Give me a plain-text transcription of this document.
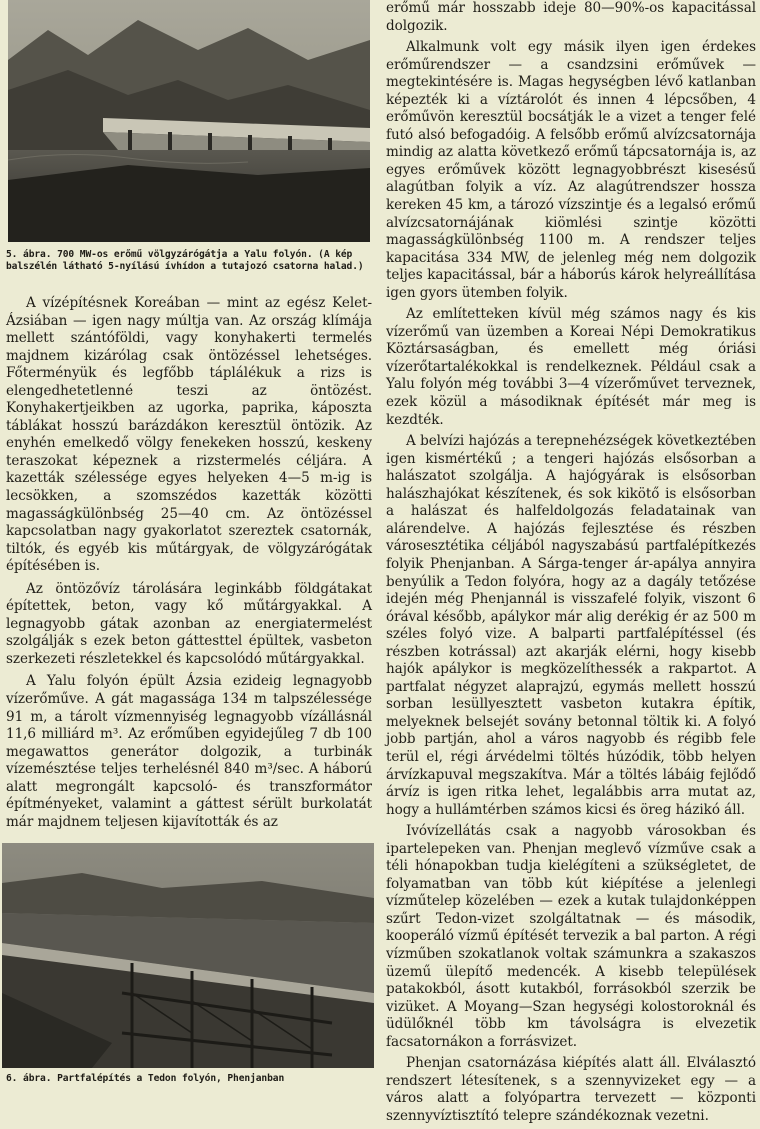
5. ábra. 700 MW-os erőmű völgyzárógátja a Yalu folyón. (A kép balszélén látható 5-nyílású ívhídon a tutajozó csatorna halad.)

A vízépítésnek Koreában — mint az egész Kelet-Ázsiában — igen nagy múltja van. Az ország klímája mellett szántóföldi, vagy konyhakerti termelés majdnem kizárólag csak öntözéssel lehetséges. Főterményük és legfőbb táplálékuk a rizs is elengedhetetlenné teszi az öntözést. Konyhakertjeikben az ugorka, paprika, káposzta táblákat hosszú barázdákon keresztül öntözik. Az enyhén emelkedő völgy fenekeken hosszú, keskeny teraszokat képeznek a rizstermelés céljára. A kazetták szélessége egyes helyeken 4—5 m-ig is lecsökken, a szomszédos kazetták közötti magasságkülönbség 25—40 cm. Az öntözéssel kapcsolatban nagy gyakorlatot szereztek csatornák, tiltók, és egyéb kis műtárgyak, de völgyzárógátak építésében is.

Az öntözővíz tárolására leginkább földgátakat építettek, beton, vagy kő műtárgyakkal. A legnagyobb gátak azonban az energiatermelést szolgálják s ezek beton gáttesttel épültek, vasbeton szerkezeti részletekkel és kapcsolódó műtárgyakkal.

A Yalu folyón épült Ázsia ezideig legnagyobb vízerőműve. A gát magassága 134 m talpszélessége 91 m, a tárolt vízmennyiség legnagyobb vízállásnál 11,6 milliárd m³. Az erőműben egyidejűleg 7 db 100 megawattos generátor dolgozik, a turbinák vízemésztése teljes terhelésnél 840 m³/sec. A háború alatt megrongált kapcsoló- és transzformátor építményeket, valamint a gáttest sérült burkolatát már majdnem teljesen kijavították és az

6. ábra. Partfalépítés a Tedon folyón, Phenjanban

erőmű már hosszabb ideje 80—90%-os kapacitással dolgozik.

Alkalmunk volt egy másik ilyen igen érdekes erőműrendszer — a csandzsini erőművek — megtekintésére is. Magas hegységben lévő katlanban képezték ki a víztárolót és innen 4 lépcsőben, 4 erőművön keresztül bocsátják le a vizet a tenger felé futó alsó befogadóig. A felsőbb erőmű alvízcsatornája mindig az alatta következő erőmű tápcsatornája is, az egyes erőművek között legnagyobbrészt kisesésű alagútban folyik a víz. Az alagútrendszer hossza kereken 45 km, a tározó vízszintje és a legalsó erőmű alvízcsatornájának kiömlési szintje közötti magasságkülönbség 1100 m. A rendszer teljes kapacitása 334 MW, de jelenleg még nem dolgozik teljes kapacitással, bár a háborús károk helyreállítása igen gyors ütemben folyik.

Az említetteken kívül még számos nagy és kis vízerőmű van üzemben a Koreai Népi Demokratikus Köztársaságban, és emellett még óriási vízerőtartalékokkal is rendelkeznek. Például csak a Yalu folyón még további 3—4 vízerőművet terveznek, ezek közül a másodiknak építését már meg is kezdték.

A belvízi hajózás a terepnehézségek következtében igen kismértékű ; a tengeri hajózás elsősorban a halászatot szolgálja. A hajógyárak is elsősorban halászhajókat készítenek, és sok kikötő is elsősorban a halászat és halfeldolgozás feladatainak van alárendelve. A hajózás fejlesztése és részben városesztétika céljából nagyszabású partfalépítkezés folyik Phenjanban. A Sárga-tenger ár-apálya annyira benyúlik a Tedon folyóra, hogy az a dagály tetőzése idején még Phenjannál is visszafelé folyik, viszont 6 órával később, apálykor már alig derékig ér az 500 m széles folyó vize. A balparti partfalépítéssel (és részben kotrással) azt akarják elérni, hogy kisebb hajók apálykor is megközelíthessék a rakpartot. A partfalat négyzet alaprajzú, egymás mellett hosszú sorban lesüllyesztett vasbeton kutakra építik, melyeknek belsejét sovány betonnal töltik ki. A folyó jobb partján, ahol a város nagyobb és régibb fele terül el, régi árvédelmi töltés húzódik, több helyen árvízkapuval megszakítva. Már a töltés lábáig fejlődő árvíz is igen ritka lehet, legalábbis arra mutat az, hogy a hullámtérben számos kicsi és öreg házikó áll.

Ivóvízellátás csak a nagyobb városokban és ipartelepeken van. Phenjan meglevő vízműve csak a téli hónapokban tudja kielégíteni a szükségletet, de folyamatban van több kút kiépítése a jelenlegi vízműtelep közelében — ezek a kutak tulajdonképpen szűrt Tedon-vizet szolgáltatnak — és második, kooperáló vízmű építését tervezik a bal parton. A régi vízműben szokatlanok voltak számunkra a szakaszos üzemű ülepítő medencék. A kisebb települések patakokból, ásott kutakból, forrásokból szerzik be vizüket. A Moyang—Szan hegységi kolostoroknál és üdülőknél több km távolságra is elvezetik facsatornákon a forrásvizet.

Phenjan csatornázása kiépítés alatt áll. Elválasztó rendszert létesítenek, s a szennyvizeket egy — a város alatt a folyópartra tervezett — központi szennyvíztisztító telepre szándékoznak vezetni.
